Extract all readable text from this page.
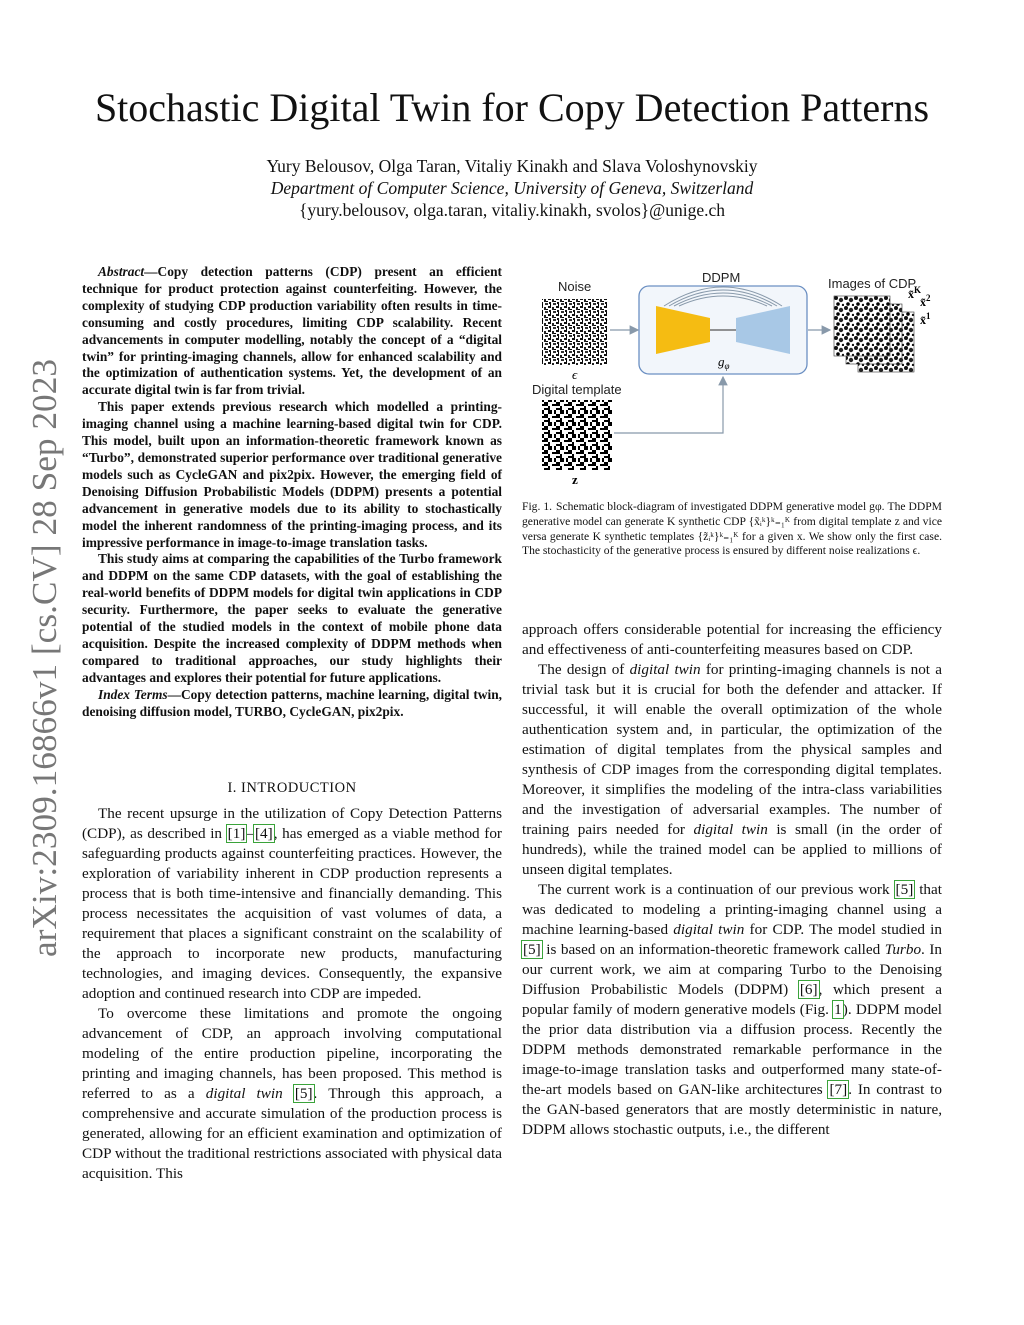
arXiv:2309.16866v1 [cs.CV] 28 Sep 2023
Stochastic Digital Twin for Copy Detection Patterns
Yury Belousov, Olga Taran, Vitaliy Kinakh and Slava Voloshynovskiy
Department of Computer Science, University of Geneva, Switzerland
{yury.belousov, olga.taran, vitaliy.kinakh, svolos}@unige.ch

Abstract—Copy detection patterns (CDP) present an efficient technique for product protection against counterfeiting. However, the complexity of studying CDP production variability often results in time-consuming and costly procedures, limiting CDP scalability. Recent advancements in computer modelling, notably the concept of a “digital twin” for printing-imaging channels, allow for enhanced scalability and the optimization of authentication systems. Yet, the development of an accurate digital twin is far from trivial.

This paper extends previous research which modelled a printing-imaging channel using a machine learning-based digital twin for CDP. This model, built upon an information-theoretic framework known as “Turbo”, demonstrated superior performance over traditional generative models such as CycleGAN and pix2pix. However, the emerging field of Denoising Diffusion Probabilistic Models (DDPM) presents a potential advancement in generative models due to its ability to stochastically model the inherent randomness of the printing-imaging process, and its impressive performance in image-to-image translation tasks.

This study aims at comparing the capabilities of the Turbo framework and DDPM on the same CDP datasets, with the goal of establishing the real-world benefits of DDPM models for digital twin applications in CDP security. Furthermore, the paper seeks to evaluate the generative potential of the studied models in the context of mobile phone data acquisition. Despite the increased complexity of DDPM methods when compared to traditional approaches, our study highlights their advantages and explores their potential for future applications.

Index Terms—Copy detection patterns, machine learning, digital twin, denoising diffusion model, TURBO, CycleGAN, pix2pix.

I. INTRODUCTION

The recent upsurge in the utilization of Copy Detection Patterns (CDP), as described in [1]–[4], has emerged as a viable method for safeguarding products against counterfeiting practices. However, the exploration of variability inherent in CDP production represents a process that is both time-intensive and financially demanding. This process necessitates the acquisition of vast volumes of data, a requirement that places a significant constraint on the scalability of the approach to incorporate new products, manufacturing technologies, and imaging devices. Consequently, the expansive adoption and continued research into CDP are impeded.

To overcome these limitations and promote the ongoing advancement of CDP, an approach involving computational modeling of the entire production pipeline, incorporating the printing and imaging channels, has been proposed. This method is referred to as a digital twin [5]. Through this approach, a comprehensive and accurate simulation of the production process is generated, allowing for an efficient examination and optimization of CDP without the traditional restrictions associated with physical data acquisition. This

Noise
ϵ
Digital template
z
DDPM
$g_\varphi$
Images of CDP
x̃$^K$
x̃$^2$
x̃$^1$
Fig. 1. Schematic block-diagram of investigated DDPM generative model gφ. The DDPM generative model can generate K synthetic CDP {x̃ᵢᵏ}ᵏ₌₁ᴷ from digital template z and vice versa generate K synthetic templates {z̃ᵢᵏ}ᵏ₌₁ᴷ for a given x. We show only the first case. The stochasticity of the generative process is ensured by different noise realizations ϵ.

approach offers considerable potential for increasing the efficiency and effectiveness of anti-counterfeiting measures based on CDP.

The design of digital twin for printing-imaging channels is not a trivial task but it is crucial for both the defender and attacker. If successful, it will enable the overall optimization of the whole authentication system and, in particular, the optimization of the estimation of digital templates from the physical samples and synthesis of CDP images from the corresponding digital templates. Moreover, it simplifies the modeling of the intra-class variabilities and the investigation of adversarial examples. The number of training pairs needed for digital twin is small (in the order of hundreds), while the trained model can be applied to millions of unseen digital templates.

The current work is a continuation of our previous work [5] that was dedicated to modeling a printing-imaging channel using a machine learning-based digital twin for CDP. The model studied in [5] is based on an information-theoretic framework called Turbo. In our current work, we aim at comparing Turbo to the Denoising Diffusion Probabilistic Models (DDPM) [6], which present a popular family of modern generative models (Fig. 1). DDPM model the prior data distribution via a diffusion process. Recently the DDPM methods demonstrated remarkable performance in the image-to-image translation tasks and outperformed many state-of-the-art models based on GAN-like architectures [7]. In contrast to the GAN-based generators that are mostly deterministic in nature, DDPM allows stochastic outputs, i.e., the different
